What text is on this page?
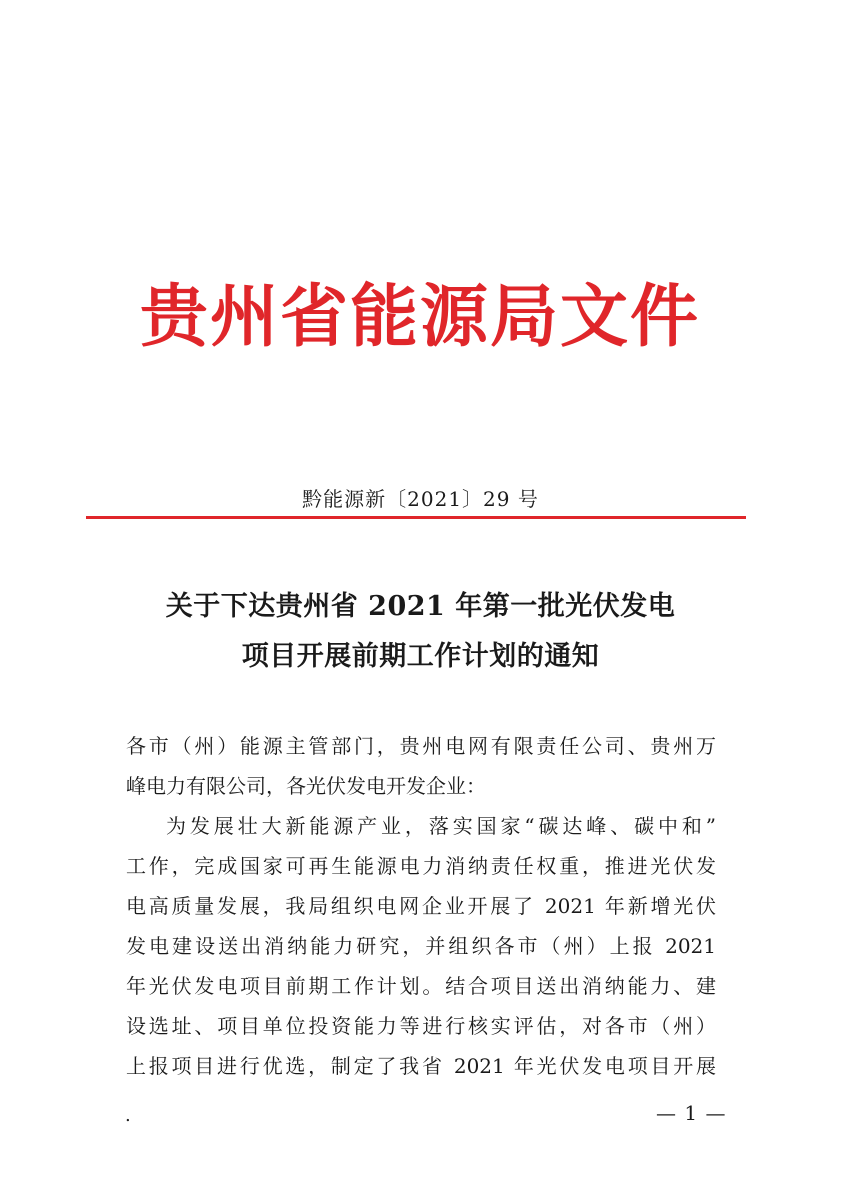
贵州省能源局文件
黔能源新〔2021〕29 号
关于下达贵州省 2021 年第一批光伏发电
项目开展前期工作计划的通知
各市（州）能源主管部门，贵州电网有限责任公司、贵州万
峰电力有限公司，各光伏发电开发企业：
为发展壮大新能源产业，落实国家“碳达峰、碳中和”
工作，完成国家可再生能源电力消纳责任权重，推进光伏发
电高质量发展，我局组织电网企业开展了 2021 年新增光伏
发电建设送出消纳能力研究，并组织各市（州）上报 2021
年光伏发电项目前期工作计划。结合项目送出消纳能力、建
设选址、项目单位投资能力等进行核实评估，对各市（州）
上报项目进行优选，制定了我省 2021 年光伏发电项目开展
.	— 1 —
